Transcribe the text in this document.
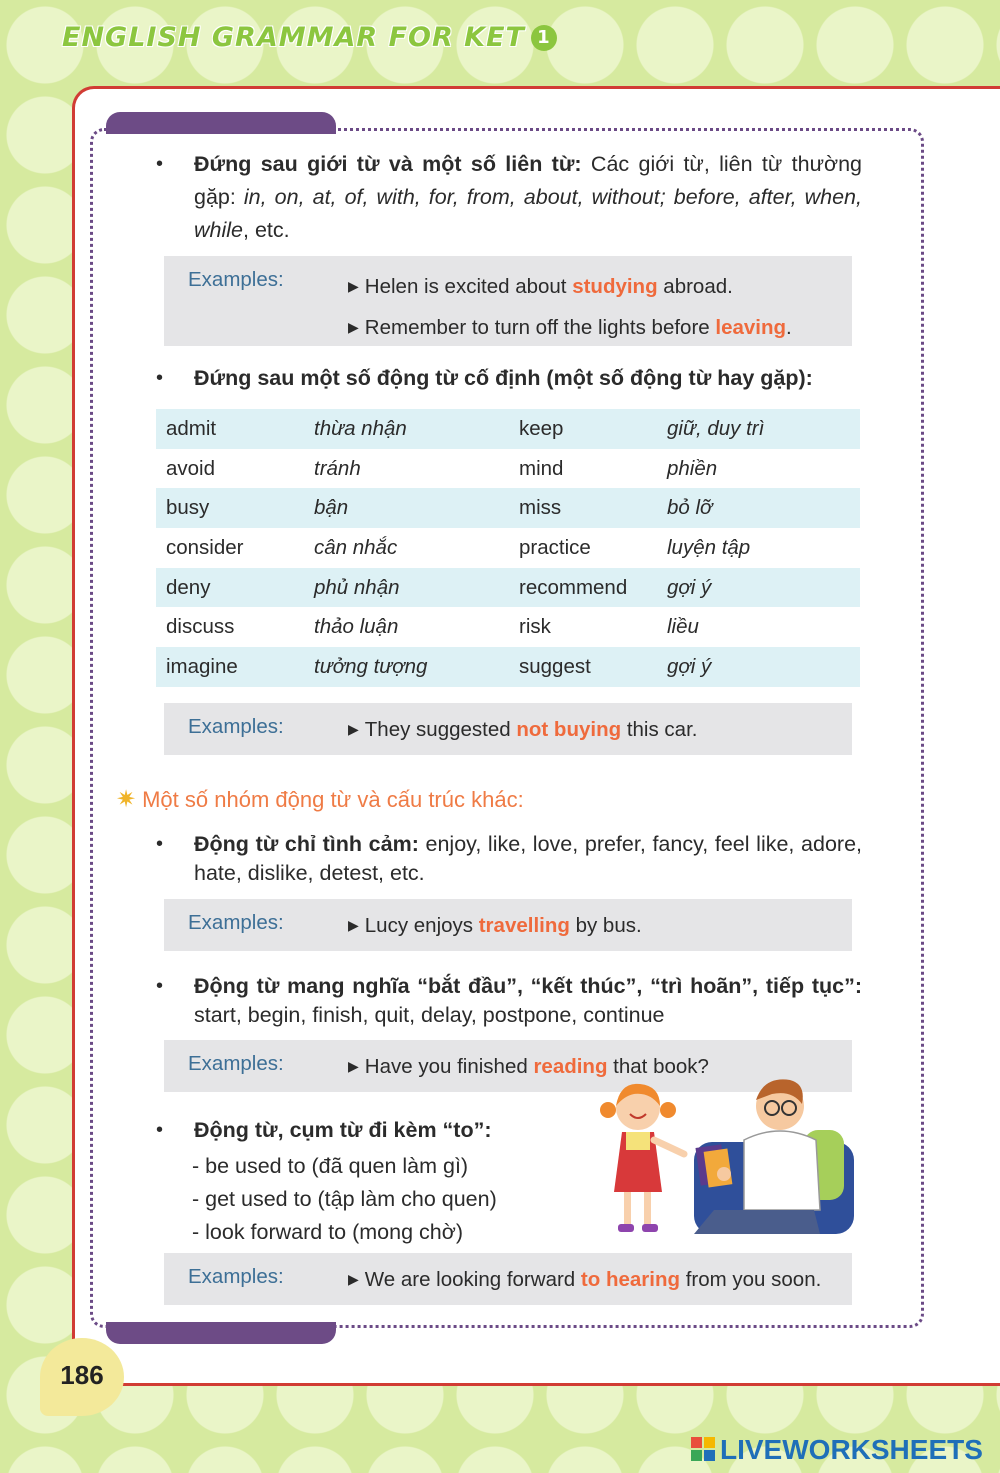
ENGLISH GRAMMAR FOR KET 1
• Đứng sau giới từ và một số liên từ: Các giới từ, liên từ thường gặp: in, on, at, of, with, for, from, about, without; before, after, when, while, etc.
Examples:	▶ Helen is excited about studying abroad.
▶ Remember to turn off the lights before leaving.
• Đứng sau một số động từ cố định (một số động từ hay gặp):
admit	thừa nhận	keep	giữ, duy trì
avoid	tránh	mind	phiền
busy	bận	miss	bỏ lỡ
consider	cân nhắc	practice	luyện tập
deny	phủ nhận	recommend	gợi ý
discuss	thảo luận	risk	liều
imagine	tưởng tượng	suggest	gợi ý
Examples:	▶ They suggested not buying this car.
✷ Một số nhóm động từ và cấu trúc khác:
• Động từ chỉ tình cảm: enjoy, like, love, prefer, fancy, feel like, adore, hate, dislike, detest, etc.
Examples:	▶ Lucy enjoys travelling by bus.
• Động từ mang nghĩa “bắt đầu”, “kết thúc”, “trì hoãn”, tiếp tục”: start, begin, finish, quit, delay, postpone, continue
Examples:	▶ Have you finished reading that book?
• Động từ, cụm từ đi kèm “to”:
- be used to (đã quen làm gì)
- get used to (tập làm cho quen)
- look forward to (mong chờ)
Examples:	▶ We are looking forward to hearing from you soon.
186
LIVEWORKSHEETS
